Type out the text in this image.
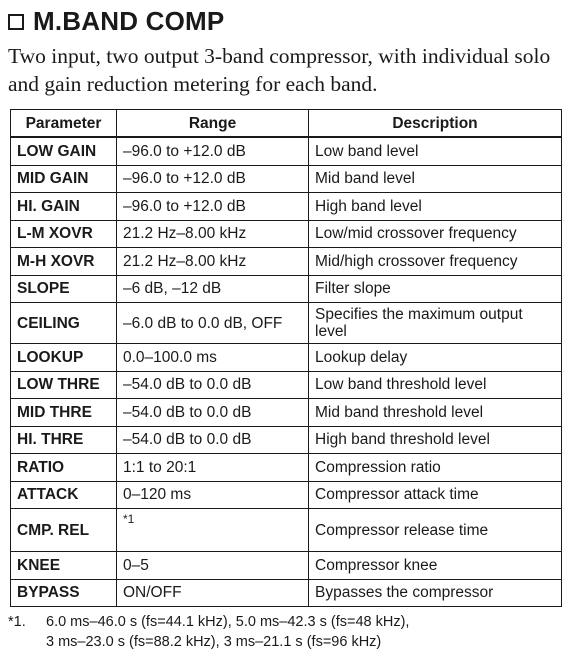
M.BAND COMP

Two input, two output 3-band compressor, with individual solo and gain reduction metering for each band.

Parameter	Range	Description
LOW GAIN	–96.0 to +12.0 dB	Low band level
MID GAIN	–96.0 to +12.0 dB	Mid band level
HI. GAIN	–96.0 to +12.0 dB	High band level
L-M XOVR	21.2 Hz–8.00 kHz	Low/mid crossover frequency
M-H XOVR	21.2 Hz–8.00 kHz	Mid/high crossover frequency
SLOPE	–6 dB, –12 dB	Filter slope
CEILING	–6.0 dB to 0.0 dB, OFF	Specifies the maximum output level
LOOKUP	0.0–100.0 ms	Lookup delay
LOW THRE	–54.0 dB to 0.0 dB	Low band threshold level
MID THRE	–54.0 dB to 0.0 dB	Mid band threshold level
HI. THRE	–54.0 dB to 0.0 dB	High band threshold level
RATIO	1:1 to 20:1	Compression ratio
ATTACK	0–120 ms	Compressor attack time
CMP. REL	*1	Compressor release time
KNEE	0–5	Compressor knee
BYPASS	ON/OFF	Bypasses the compressor
*1. 6.0 ms–46.0 s (fs=44.1 kHz), 5.0 ms–42.3 s (fs=48 kHz),
3 ms–23.0 s (fs=88.2 kHz), 3 ms–21.1 s (fs=96 kHz)
